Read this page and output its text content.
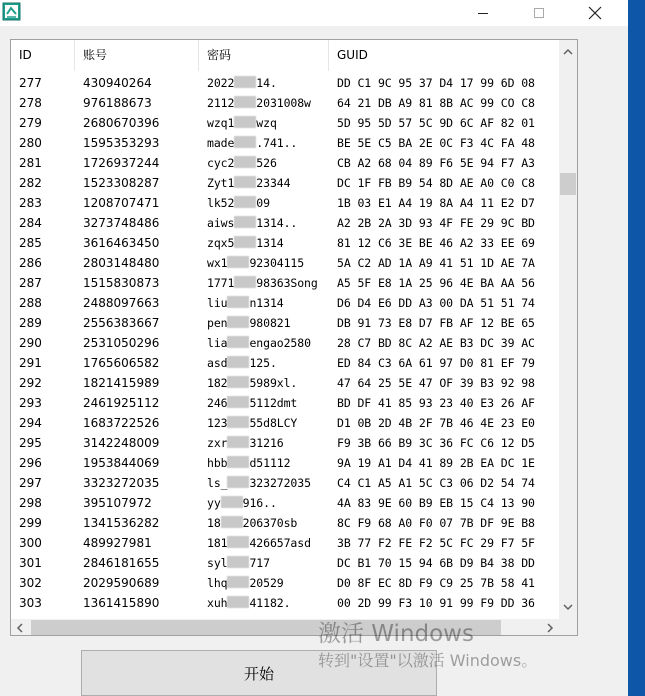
ID	账号	密码	GUID
277	430940264	2022 14.	DD C1 9C 95 37 D4 17 99 6D 08
278	976188673	2112 2031008w	64 21 DB A9 81 8B AC 99 CO C8
279	2680670396	wzq1 wzq	5D 95 5D 57 5C 9D 6C AF 82 01
280	1595353293	made .741..	BE 5E C5 BA 2E 0C F3 4C FA 48
281	1726937244	cyc2 526	CB A2 68 04 89 F6 5E 94 F7 A3
282	1523308287	Zyt1 23344	DC 1F FB B9 54 8D AE A0 C0 C8
283	1208707471	lk52 09	1B 03 E1 A4 19 8A A4 11 E2 D7
284	3273748486	aiws 1314..	A2 2B 2A 3D 93 4F FE 29 9C BD
285	3616463450	zqx5 1314	81 12 C6 3E BE 46 A2 33 EE 69
286	2803148480	wx1 92304115	5A C2 AD 1A A9 41 51 1D AE 7A
287	1515830873	1771 98363Song	A5 5F E8 1A 25 96 4E BA AA 56
288	2488097663	liu n1314	D6 D4 E6 DD A3 00 DA 51 51 74
289	2556383667	pen 980821	DB 91 73 E8 D7 FB AF 12 BE 65
290	2531050296	lia engao2580	28 C7 BD 8C A2 AE B3 DC 39 AC
291	1765606582	asd 125.	ED 84 C3 6A 61 97 D0 81 EF 79
292	1821415989	182 5989xl.	47 64 25 5E 47 OF 39 B3 92 98
293	2461925112	246 5112dmt	BD DF 41 85 93 23 40 E3 26 AF
294	1683722526	123 55d8LCY	D1 0B 2D 4B 2F 7B 46 4E 23 E0
295	3142248009	zxr 31216	F9 3B 66 B9 3C 36 FC C6 12 D5
296	1953844069	hbb d51112	9A 19 A1 D4 41 89 2B EA DC 1E
297	3323272035	ls_ 323272035	C4 C1 A5 A1 5C C3 06 D2 54 74
298	395107972	yy 916..	4A 83 9E 60 B9 EB 15 C4 13 90
299	1341536282	18 206370sb	8C F9 68 A0 F0 07 7B DF 9E B8
300	489927981	181 426657asd	3B 77 F2 FE F2 5C FC 29 F7 5F
301	2846181655	syl 717	DC B1 70 15 94 6B D9 B4 38 DD
302	2029590689	lhq 20529	D0 8F EC 8D F9 C9 25 7B 58 41
303	1361415890	xuh 41182.	00 2D 99 F3 10 91 99 F9 DD 36
开始
激活 Windows
转到"设置"以激活 Windows。
